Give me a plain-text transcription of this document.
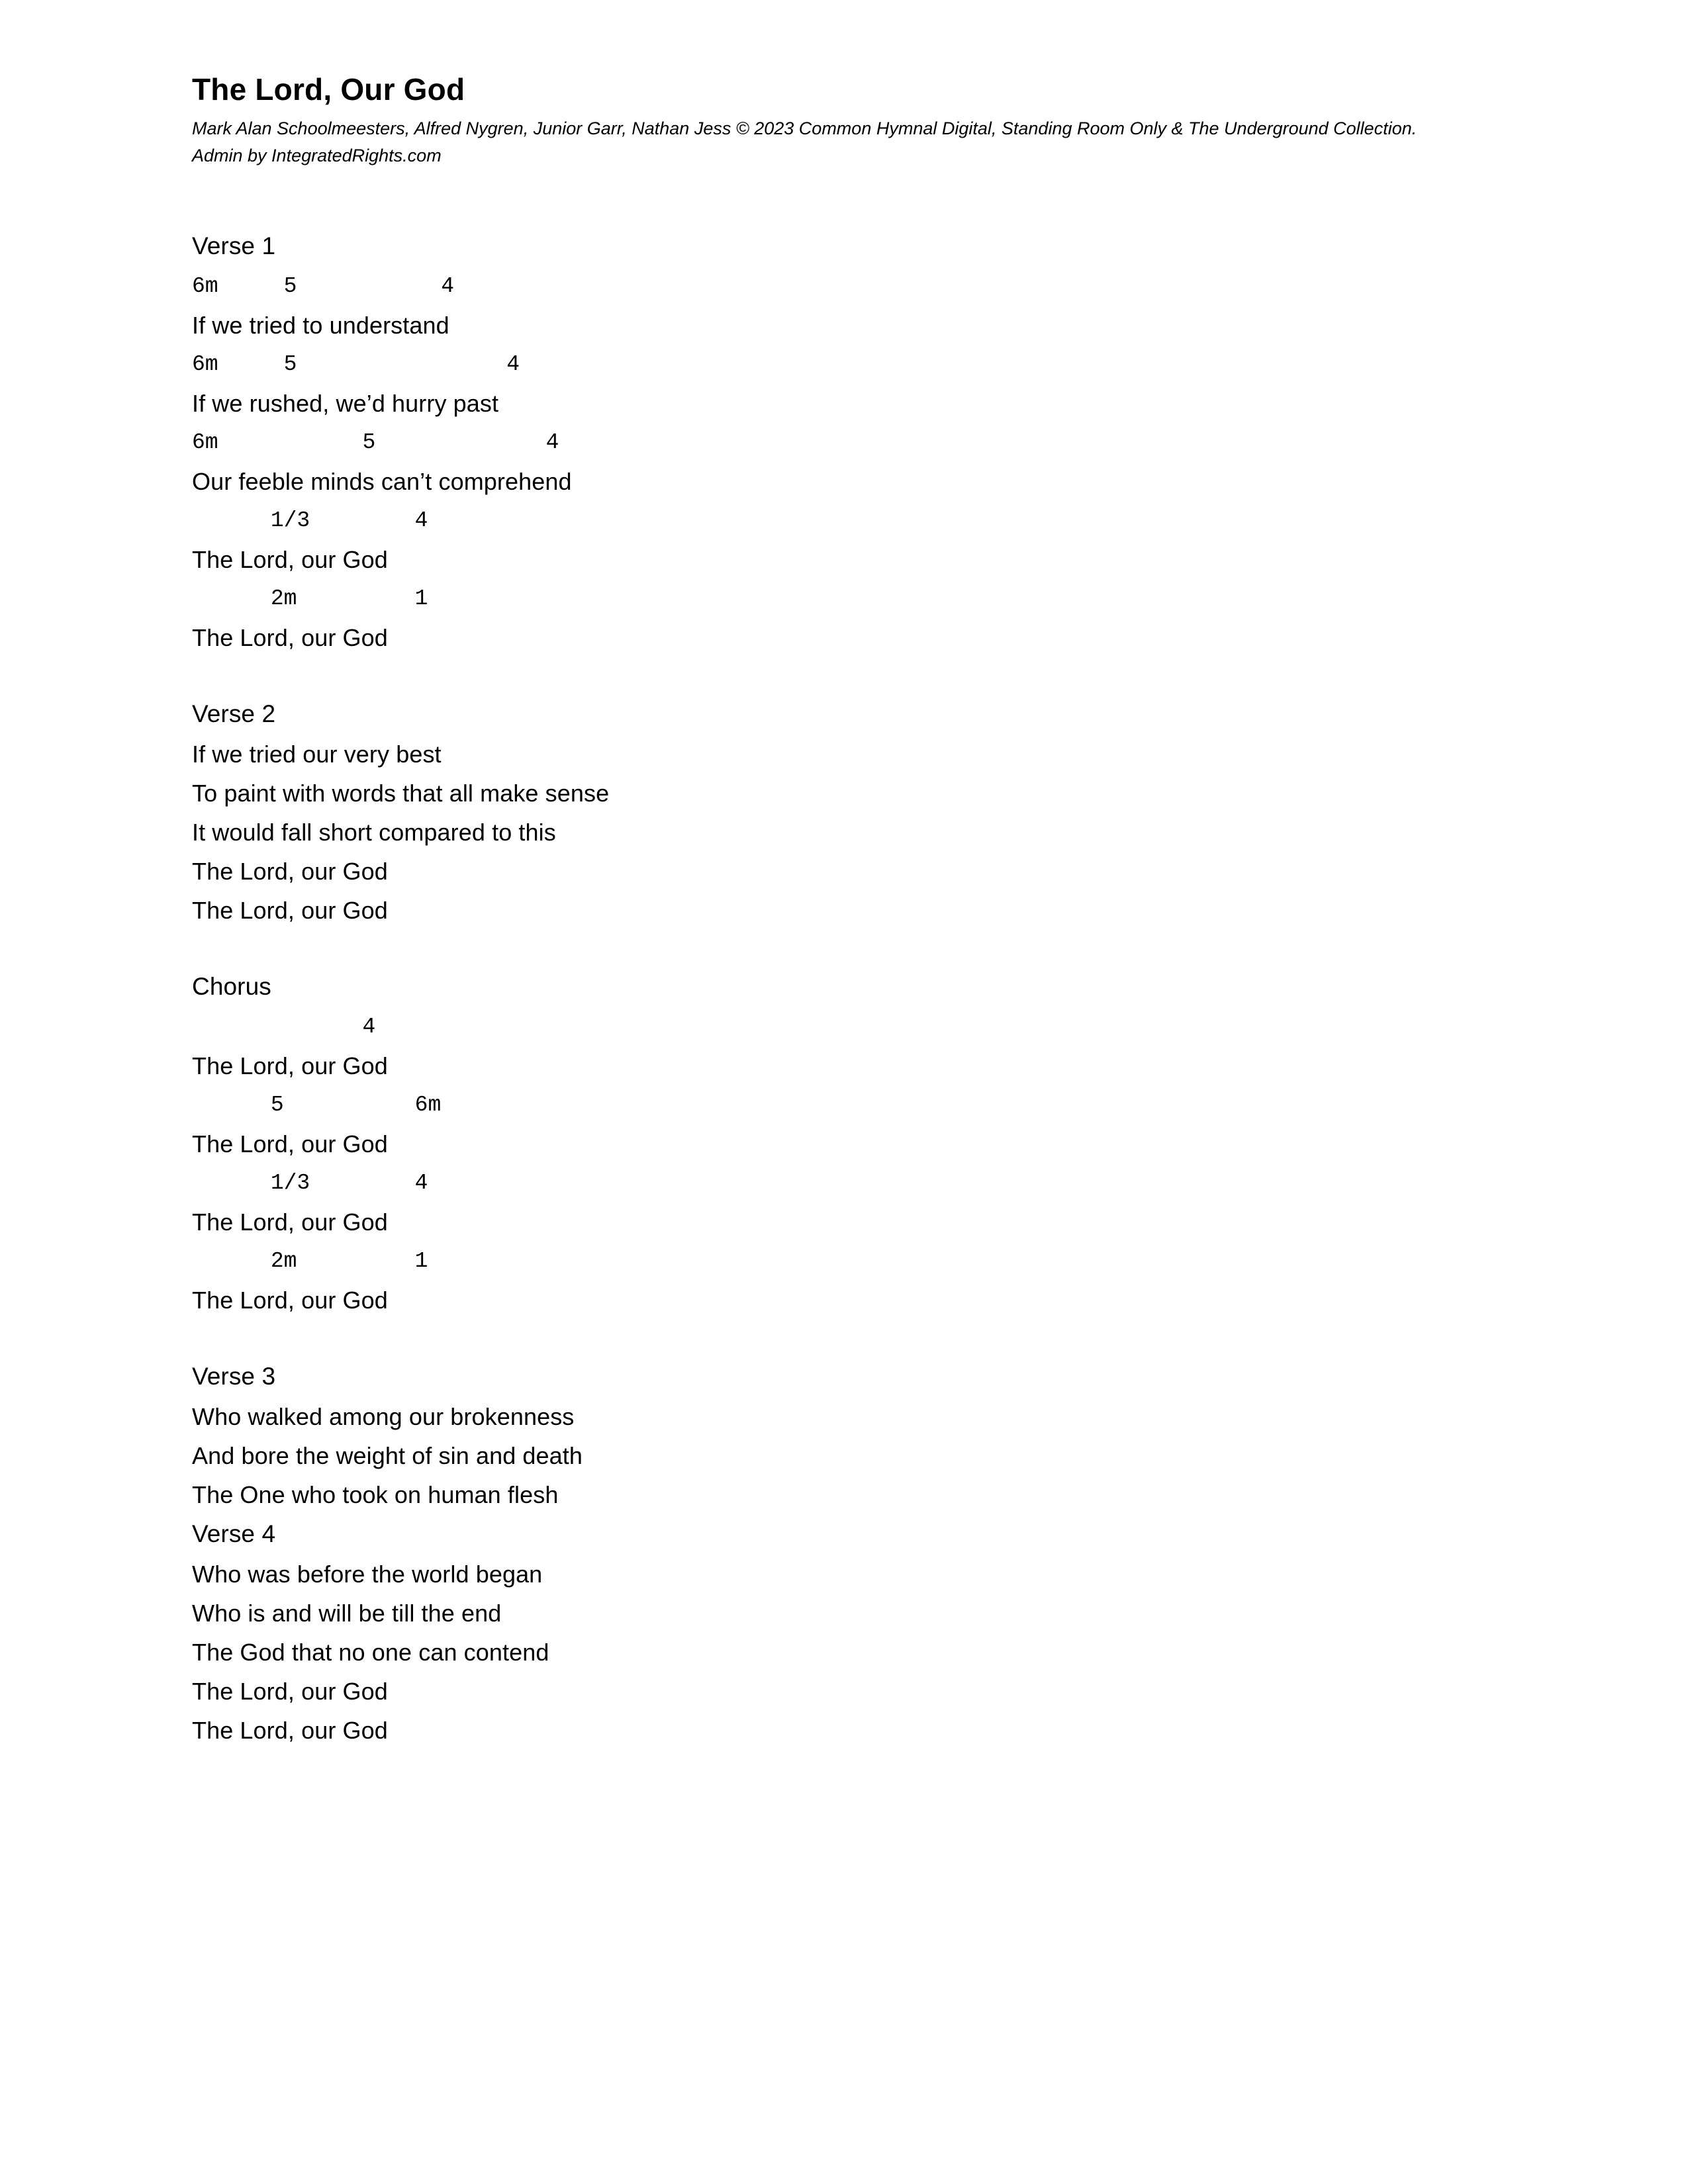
The Lord, Our God

Mark Alan Schoolmeesters, Alfred Nygren, Junior Garr, Nathan Jess © 2023 Common Hymnal Digital, Standing Room Only & The Underground Collection. Admin by IntegratedRights.com

Verse 1

6m     5           4

If we tried to understand

6m     5                4

If we rushed, we’d hurry past

6m           5             4

Our feeble minds can’t comprehend

1/3        4

The Lord, our God

2m         1

The Lord, our God

Verse 2

If we tried our very best

To paint with words that all make sense

It would fall short compared to this

The Lord, our God

The Lord, our God

Chorus

4

The Lord, our God

5          6m

The Lord, our God

1/3        4

The Lord, our God

2m         1

The Lord, our God

Verse 3

Who walked among our brokenness

And bore the weight of sin and death

The One who took on human flesh

Verse 4

Who was before the world began

Who is and will be till the end

The God that no one can contend

The Lord, our God

The Lord, our God
